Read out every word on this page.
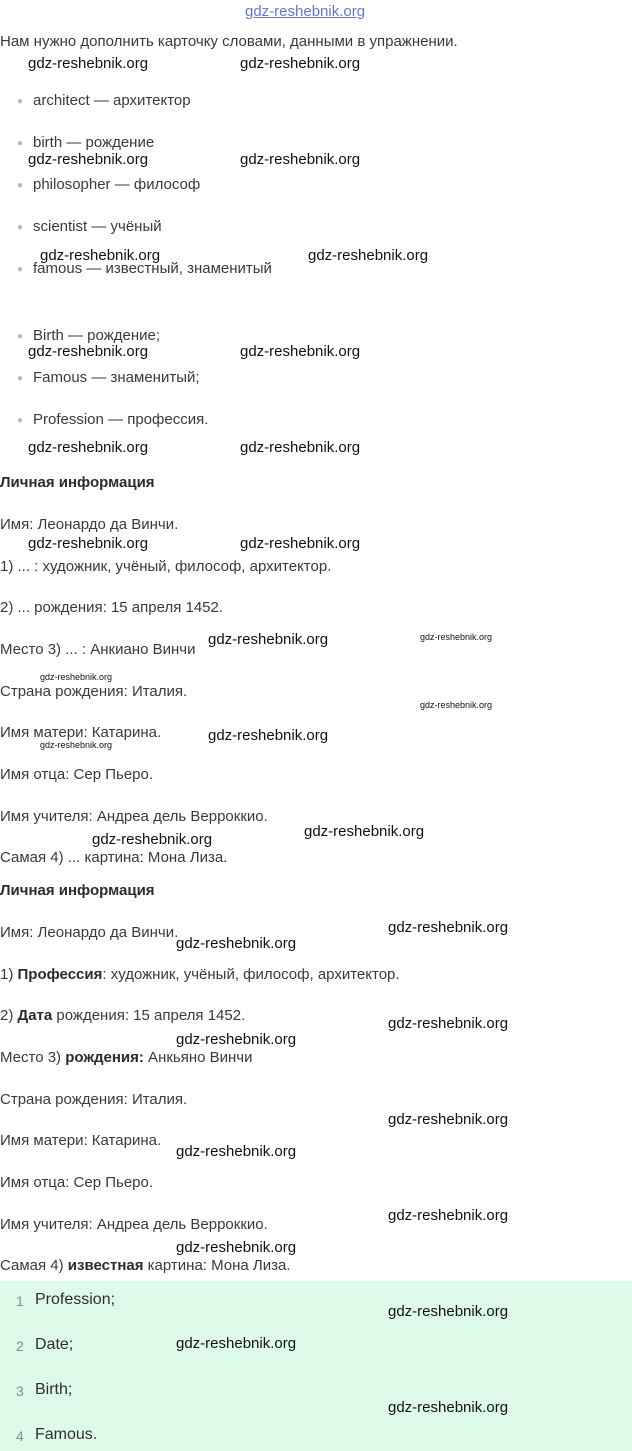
gdz-reshebnik.org
Нам нужно дополнить карточку словами, данными в упражнении.
● architect — архитектор
● birth — рождение
● philosopher — философ
● scientist — учёный
● famous — известный, знаменитый
● Birth — рождение;
● Famous — знаменитый;
● Profession — профессия.
Личная информация
Имя: Леонардо да Винчи.
1) ... : художник, учёный, философ, архитектор.
2) ... рождения: 15 апреля 1452.
Место 3) ... : Анкиано Винчи
Страна рождения: Италия.
Имя матери: Катарина.
Имя отца: Сер Пьеро.
Имя учителя: Андреа дель Верроккио.
Самая 4) ... картина: Мона Лиза.
Личная информация
Имя: Леонардо да Винчи.
1) Профессия: художник, учёный, философ, архитектор.
2) Дата рождения: 15 апреля 1452.
Место 3) рождения: Анкьяно Винчи
Страна рождения: Италия.
Имя матери: Катарина.
Имя отца: Сер Пьеро.
Имя учителя: Андреа дель Верроккио.
Самая 4) известная картина: Мона Лиза.
1 Profession;
2 Date;
3 Birth;
4 Famous.
gdz-reshebnik.org	gdz-reshebnik.org
gdz-reshebnik.org	gdz-reshebnik.org
gdz-reshebnik.org	gdz-reshebnik.org
gdz-reshebnik.org	gdz-reshebnik.org
gdz-reshebnik.org	gdz-reshebnik.org
gdz-reshebnik.org	gdz-reshebnik.org
gdz-reshebnik.org	gdz-reshebnik.org
gdz-reshebnik.org
gdz-reshebnik.org
gdz-reshebnik.org
gdz-reshebnik.org
gdz-reshebnik.org	gdz-reshebnik.org
gdz-reshebnik.org
gdz-reshebnik.org
gdz-reshebnik.org
gdz-reshebnik.org
gdz-reshebnik.org
gdz-reshebnik.org
gdz-reshebnik.org
gdz-reshebnik.org
gdz-reshebnik.org
gdz-reshebnik.org
gdz-reshebnik.org
